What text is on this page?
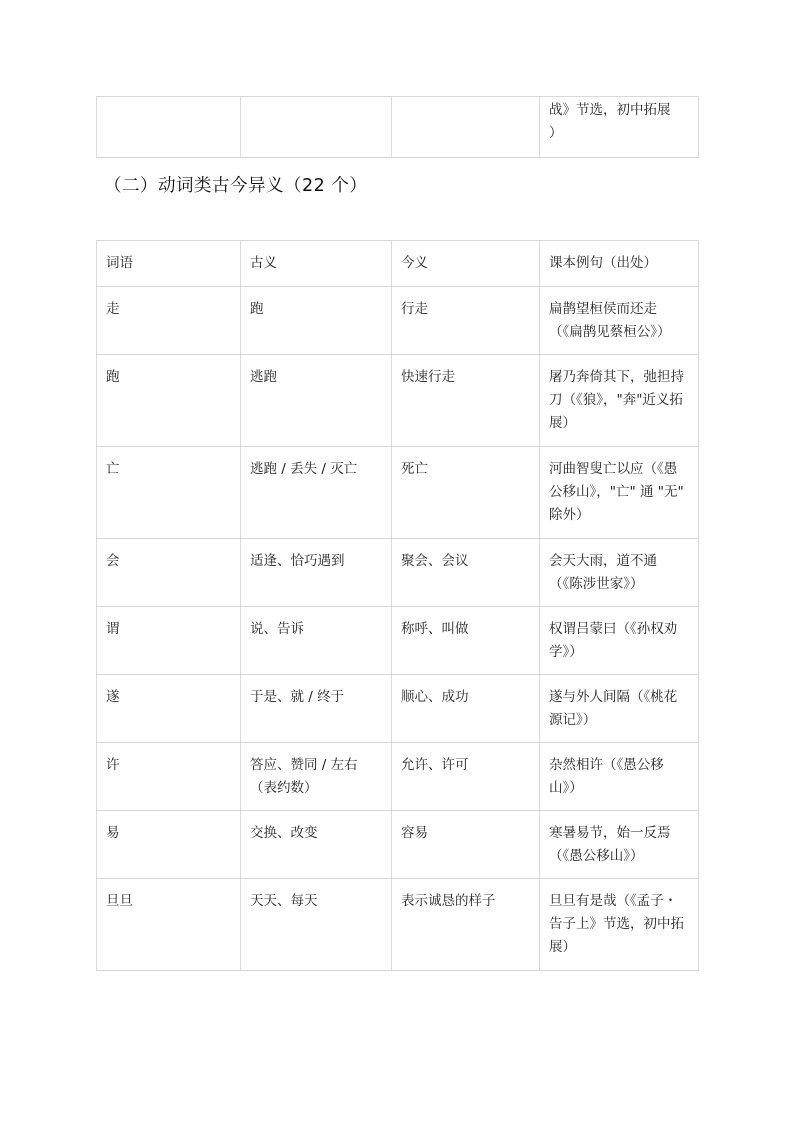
战》节选，初中拓展
）
（二）动词类古今异义（22 个）
词语	古义	今义	课本例句（出处）
走	跑	行走	扁鹊望桓侯而还走（《扁鹊见蔡桓公》）
跑	逃跑	快速行走	屠乃奔倚其下，弛担持刀（《狼》，"奔"近义拓展）
亡	逃跑 / 丢失 / 灭亡	死亡	河曲智叟亡以应（《愚公移山》，"亡" 通 "无" 除外）
会	适逢、恰巧遇到	聚会、会议	会天大雨，道不通（《陈涉世家》）
谓	说、告诉	称呼、叫做	权谓吕蒙曰（《孙权劝学》）
遂	于是、就 / 终于	顺心、成功	遂与外人间隔（《桃花源记》）
许	答应、赞同 / 左右（表约数）	允许、许可	杂然相许（《愚公移山》）
易	交换、改变	容易	寒暑易节，始一反焉（《愚公移山》）
旦旦	天天、每天	表示诚恳的样子	旦旦有是哉（《孟子・告子上》节选，初中拓展）
